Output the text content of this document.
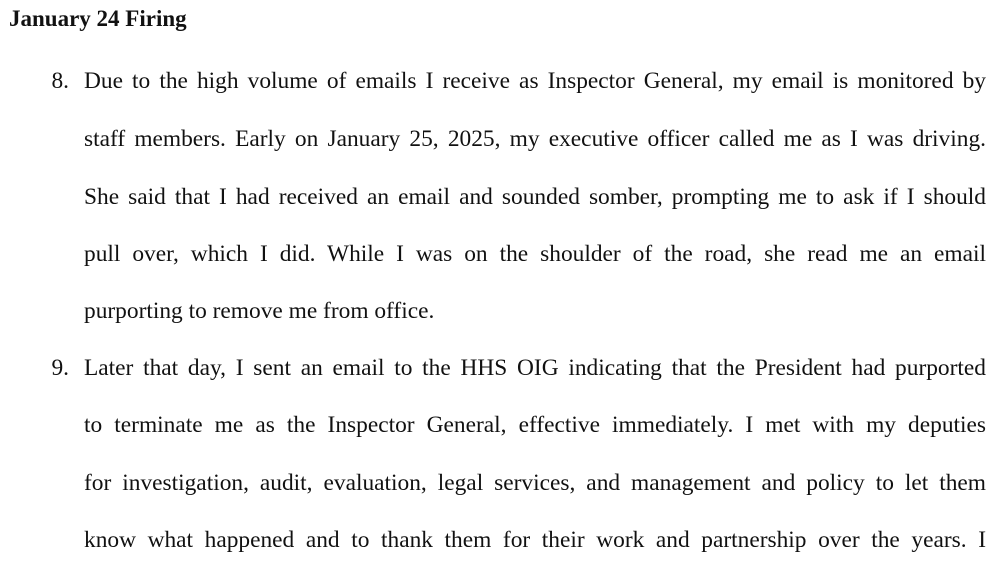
January 24 Firing
8. Due to the high volume of emails I receive as Inspector General, my email is monitored by
staff members. Early on January 25, 2025, my executive officer called me as I was driving.
She said that I had received an email and sounded somber, prompting me to ask if I should
pull over, which I did. While I was on the shoulder of the road, she read me an email
purporting to remove me from office.
9. Later that day, I sent an email to the HHS OIG indicating that the President had purported
to terminate me as the Inspector General, effective immediately. I met with my deputies
for investigation, audit, evaluation, legal services, and management and policy to let them
know what happened and to thank them for their work and partnership over the years. I
